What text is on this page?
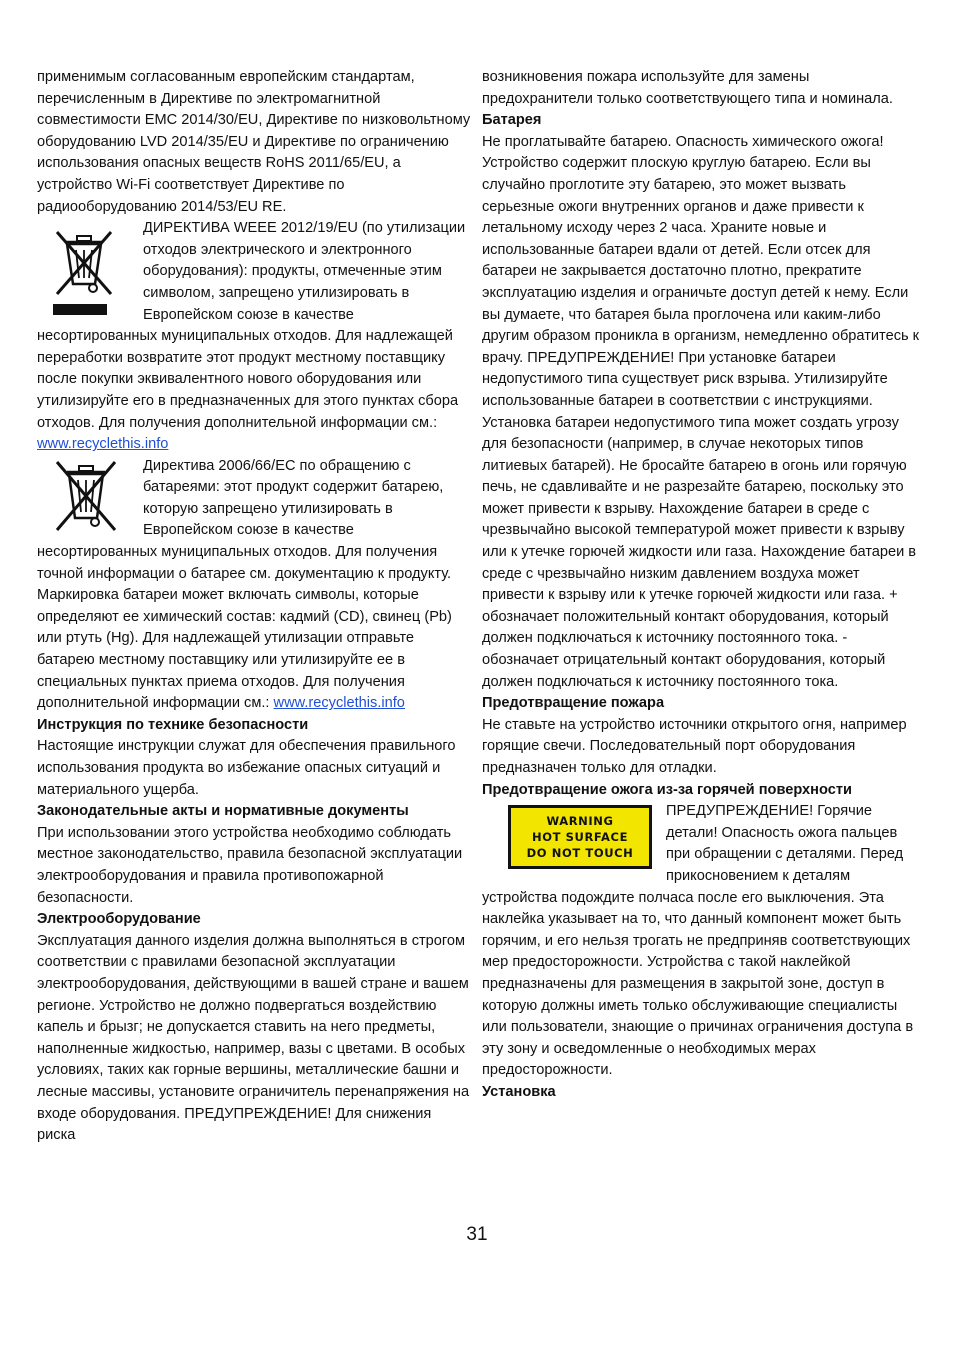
применимым согласованным европейским стандартам, перечисленным в Директиве по электромагнитной совместимости EMC 2014/30/EU, Директиве по низковольтному оборудованию LVD 2014/35/EU и Директиве по ограничению использования опасных веществ RoHS 2011/65/EU, а устройство Wi-Fi соответствует Директиве по радиооборудованию 2014/53/EU RE.

ДИРЕКТИВА WEEE 2012/19/EU (по утилизации отходов электрического и электронного оборудования): продукты, отмеченные этим символом, запрещено утилизировать в Европейском союзе в качестве несортированных муниципальных отходов. Для надлежащей переработки возвратите этот продукт местному поставщику после покупки эквивалентного нового оборудования или утилизируйте его в предназначенных для этого пунктах сбора отходов. Для получения дополнительной информации см.:
www.recyclethis.info
Директива 2006/66/EC по обращению с батареями: этот продукт содержит батарею, которую запрещено утилизировать в Европейском союзе в качестве несортированных муниципальных отходов. Для получения точной информации о батарее см. документацию к продукту. Маркировка батареи может включать символы, которые определяют ее химический состав: кадмий (CD), свинец (Pb) или ртуть (Hg). Для надлежащей утилизации отправьте батарею местному поставщику или утилизируйте ее в специальных пунктах приема отходов. Для получения дополнительной информации см.: www.recyclethis.info

Инструкция по технике безопасности

Настоящие инструкции служат для обеспечения правильного использования продукта во избежание опасных ситуаций и материального ущерба.

Законодательные акты и нормативные документы

При использовании этого устройства необходимо соблюдать местное законодательство, правила безопасной эксплуатации электрооборудования и правила противопожарной безопасности.

Электрооборудование

Эксплуатация данного изделия должна выполняться в строгом соответствии с правилами безопасной эксплуатации электрооборудования, действующими в вашей стране и вашем регионе. Устройство не должно подвергаться воздействию капель и брызг; не допускается ставить на него предметы, наполненные жидкостью, например, вазы с цветами. В особых условиях, таких как горные вершины, металлические башни и лесные массивы, установите ограничитель перенапряжения на входе оборудования. ПРЕДУПРЕЖДЕНИЕ! Для снижения риска

возникновения пожара используйте для замены предохранители только соответствующего типа и номинала.

Батарея

Не проглатывайте батарею. Опасность химического ожога! Устройство содержит плоскую круглую батарею. Если вы случайно проглотите эту батарею, это может вызвать серьезные ожоги внутренних органов и даже привести к летальному исходу через 2 часа. Храните новые и использованные батареи вдали от детей. Если отсек для батареи не закрывается достаточно плотно, прекратите эксплуатацию изделия и ограничьте доступ детей к нему. Если вы думаете, что батарея была проглочена или каким-либо другим образом проникла в организм, немедленно обратитесь к врачу. ПРЕДУПРЕЖДЕНИЕ! При установке батареи недопустимого типа существует риск взрыва. Утилизируйте использованные батареи в соответствии с инструкциями. Установка батареи недопустимого типа может создать угрозу для безопасности (например, в случае некоторых типов литиевых батарей). Не бросайте батарею в огонь или горячую печь, не сдавливайте и не разрезайте батарею, поскольку это может привести к взрыву. Нахождение батареи в среде с чрезвычайно высокой температурой может привести к взрыву или к утечке горючей жидкости или газа. Нахождение батареи в среде с чрезвычайно низким давлением воздуха может привести к взрыву или к утечке горючей жидкости или газа. + обозначает положительный контакт оборудования, который должен подключаться к источнику постоянного тока. - обозначает отрицательный контакт оборудования, который должен подключаться к источнику постоянного тока.

Предотвращение пожара

Не ставьте на устройство источники открытого огня, например горящие свечи. Последовательный порт оборудования предназначен только для отладки.

Предотвращение ожога из-за горячей поверхности

WARNING
HOT SURFACE
DO NOT TOUCH
ПРЕДУПРЕЖДЕНИЕ! Горячие детали! Опасность ожога пальцев при обращении с деталями. Перед прикосновением к деталям устройства подождите полчаса после его выключения. Эта наклейка указывает на то, что данный компонент может быть горячим, и его нельзя трогать не предприняв соответствующих мер предосторожности. Устройства с такой наклейкой предназначены для размещения в закрытой зоне, доступ в которую должны иметь только обслуживающие специалисты или пользователи, знающие о причинах ограничения доступа в эту зону и осведомленные о необходимых мерах предосторожности.

Установка

31
